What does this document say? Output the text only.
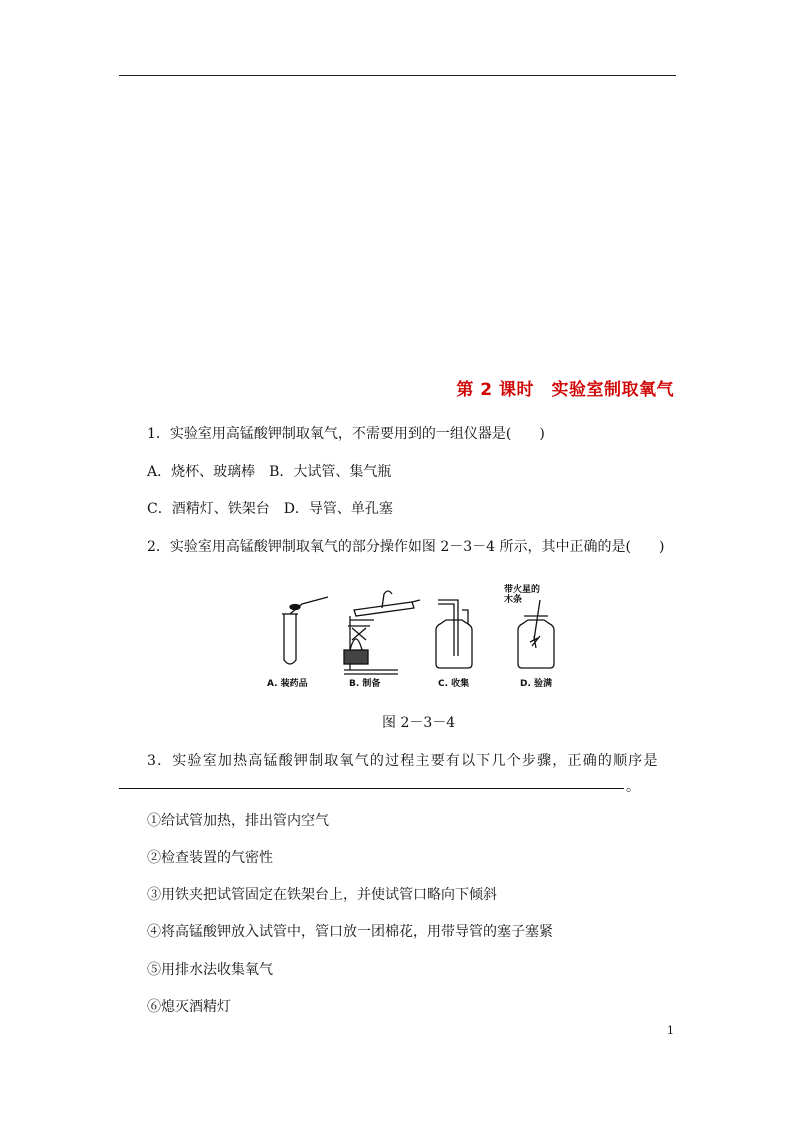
第 2 课时　实验室制取氧气
1．实验室用高锰酸钾制取氧气，不需要用到的一组仪器是(　　)
A．烧杯、玻璃棒　B．大试管、集气瓶
C．酒精灯、铁架台　D．导管、单孔塞
2．实验室用高锰酸钾制取氧气的部分操作如图 2－3－4 所示，其中正确的是(　　)
A. 装药品	B. 制备	C. 收集	D. 验满
带火星的木条
图 2－3－4
3．实验室加热高锰酸钾制取氧气的过程主要有以下几个步骤，正确的顺序是
。
①给试管加热，排出管内空气
②检查装置的气密性
③用铁夹把试管固定在铁架台上，并使试管口略向下倾斜
④将高锰酸钾放入试管中，管口放一团棉花，用带导管的塞子塞紧
⑤用排水法收集氧气
⑥熄灭酒精灯
1
